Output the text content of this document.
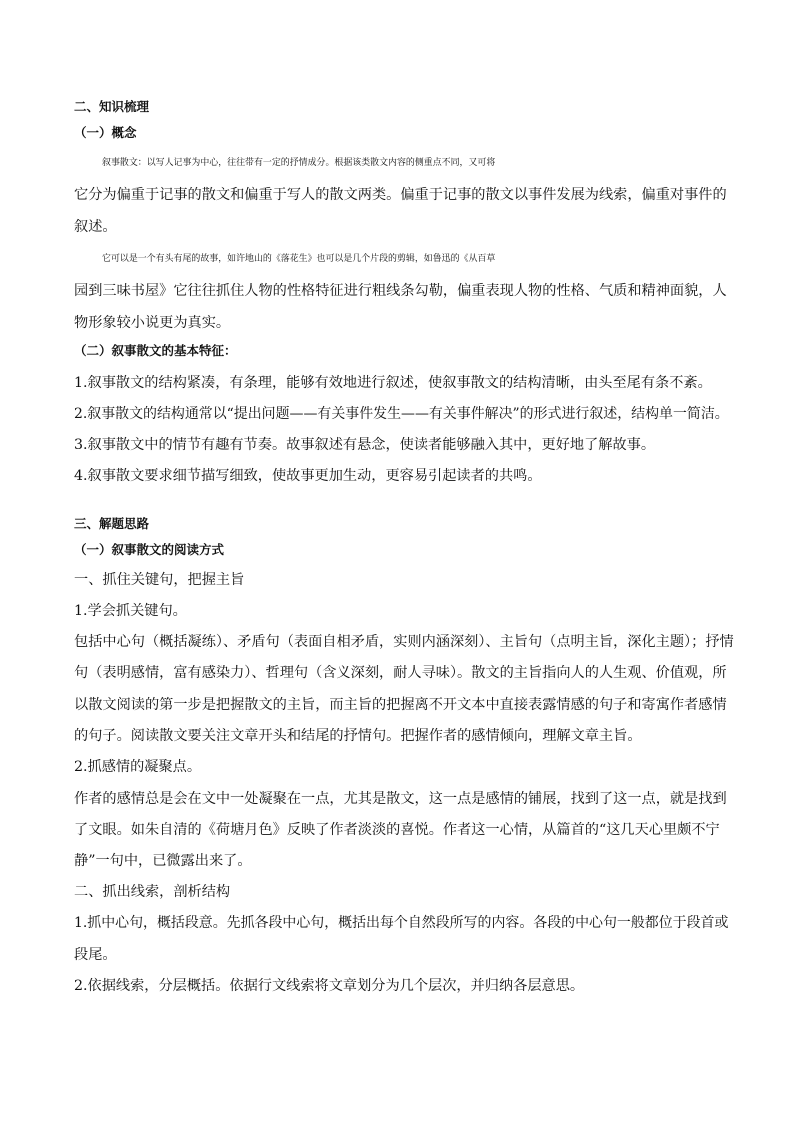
二、知识梳理
（一）概念
叙事散文：以写人记事为中心，往往带有一定的抒情成分。根据该类散文内容的侧重点不同，又可将
它分为偏重于记事的散文和偏重于写人的散文两类。偏重于记事的散文以事件发展为线索，偏重对事件的
叙述。
它可以是一个有头有尾的故事，如许地山的《落花生》也可以是几个片段的剪辑，如鲁迅的《从百草
园到三味书屋》它往往抓住人物的性格特征进行粗线条勾勒，偏重表现人物的性格、气质和精神面貌，人
物形象较小说更为真实。
（二）叙事散文的基本特征：
1.叙事散文的结构紧凑，有条理，能够有效地进行叙述，使叙事散文的结构清晰，由头至尾有条不紊。
2.叙事散文的结构通常以“提出问题——有关事件发生——有关事件解决”的形式进行叙述，结构单一简洁。
3.叙事散文中的情节有趣有节奏。故事叙述有悬念，使读者能够融入其中，更好地了解故事。
4.叙事散文要求细节描写细致，使故事更加生动，更容易引起读者的共鸣。
三、解题思路
（一）叙事散文的阅读方式
一、抓住关键句，把握主旨
1.学会抓关键句。
包括中心句（概括凝练）、矛盾句（表面自相矛盾，实则内涵深刻）、主旨句（点明主旨，深化主题）；抒情
句（表明感情，富有感染力）、哲理句（含义深刻，耐人寻味）。散文的主旨指向人的人生观、价值观，所
以散文阅读的第一步是把握散文的主旨，而主旨的把握离不开文本中直接表露情感的句子和寄寓作者感情
的句子。阅读散文要关注文章开头和结尾的抒情句。把握作者的感情倾向，理解文章主旨。
2.抓感情的凝聚点。
作者的感情总是会在文中一处凝聚在一点，尤其是散文，这一点是感情的铺展，找到了这一点，就是找到
了文眼。如朱自清的《荷塘月色》反映了作者淡淡的喜悦。作者这一心情，从篇首的“这几天心里颇不宁
静”一句中，已微露出来了。
二、抓出线索，剖析结构
1.抓中心句，概括段意。先抓各段中心句，概括出每个自然段所写的内容。各段的中心句一般都位于段首或
段尾。
2.依据线索，分层概括。依据行文线索将文章划分为几个层次，并归纳各层意思。
